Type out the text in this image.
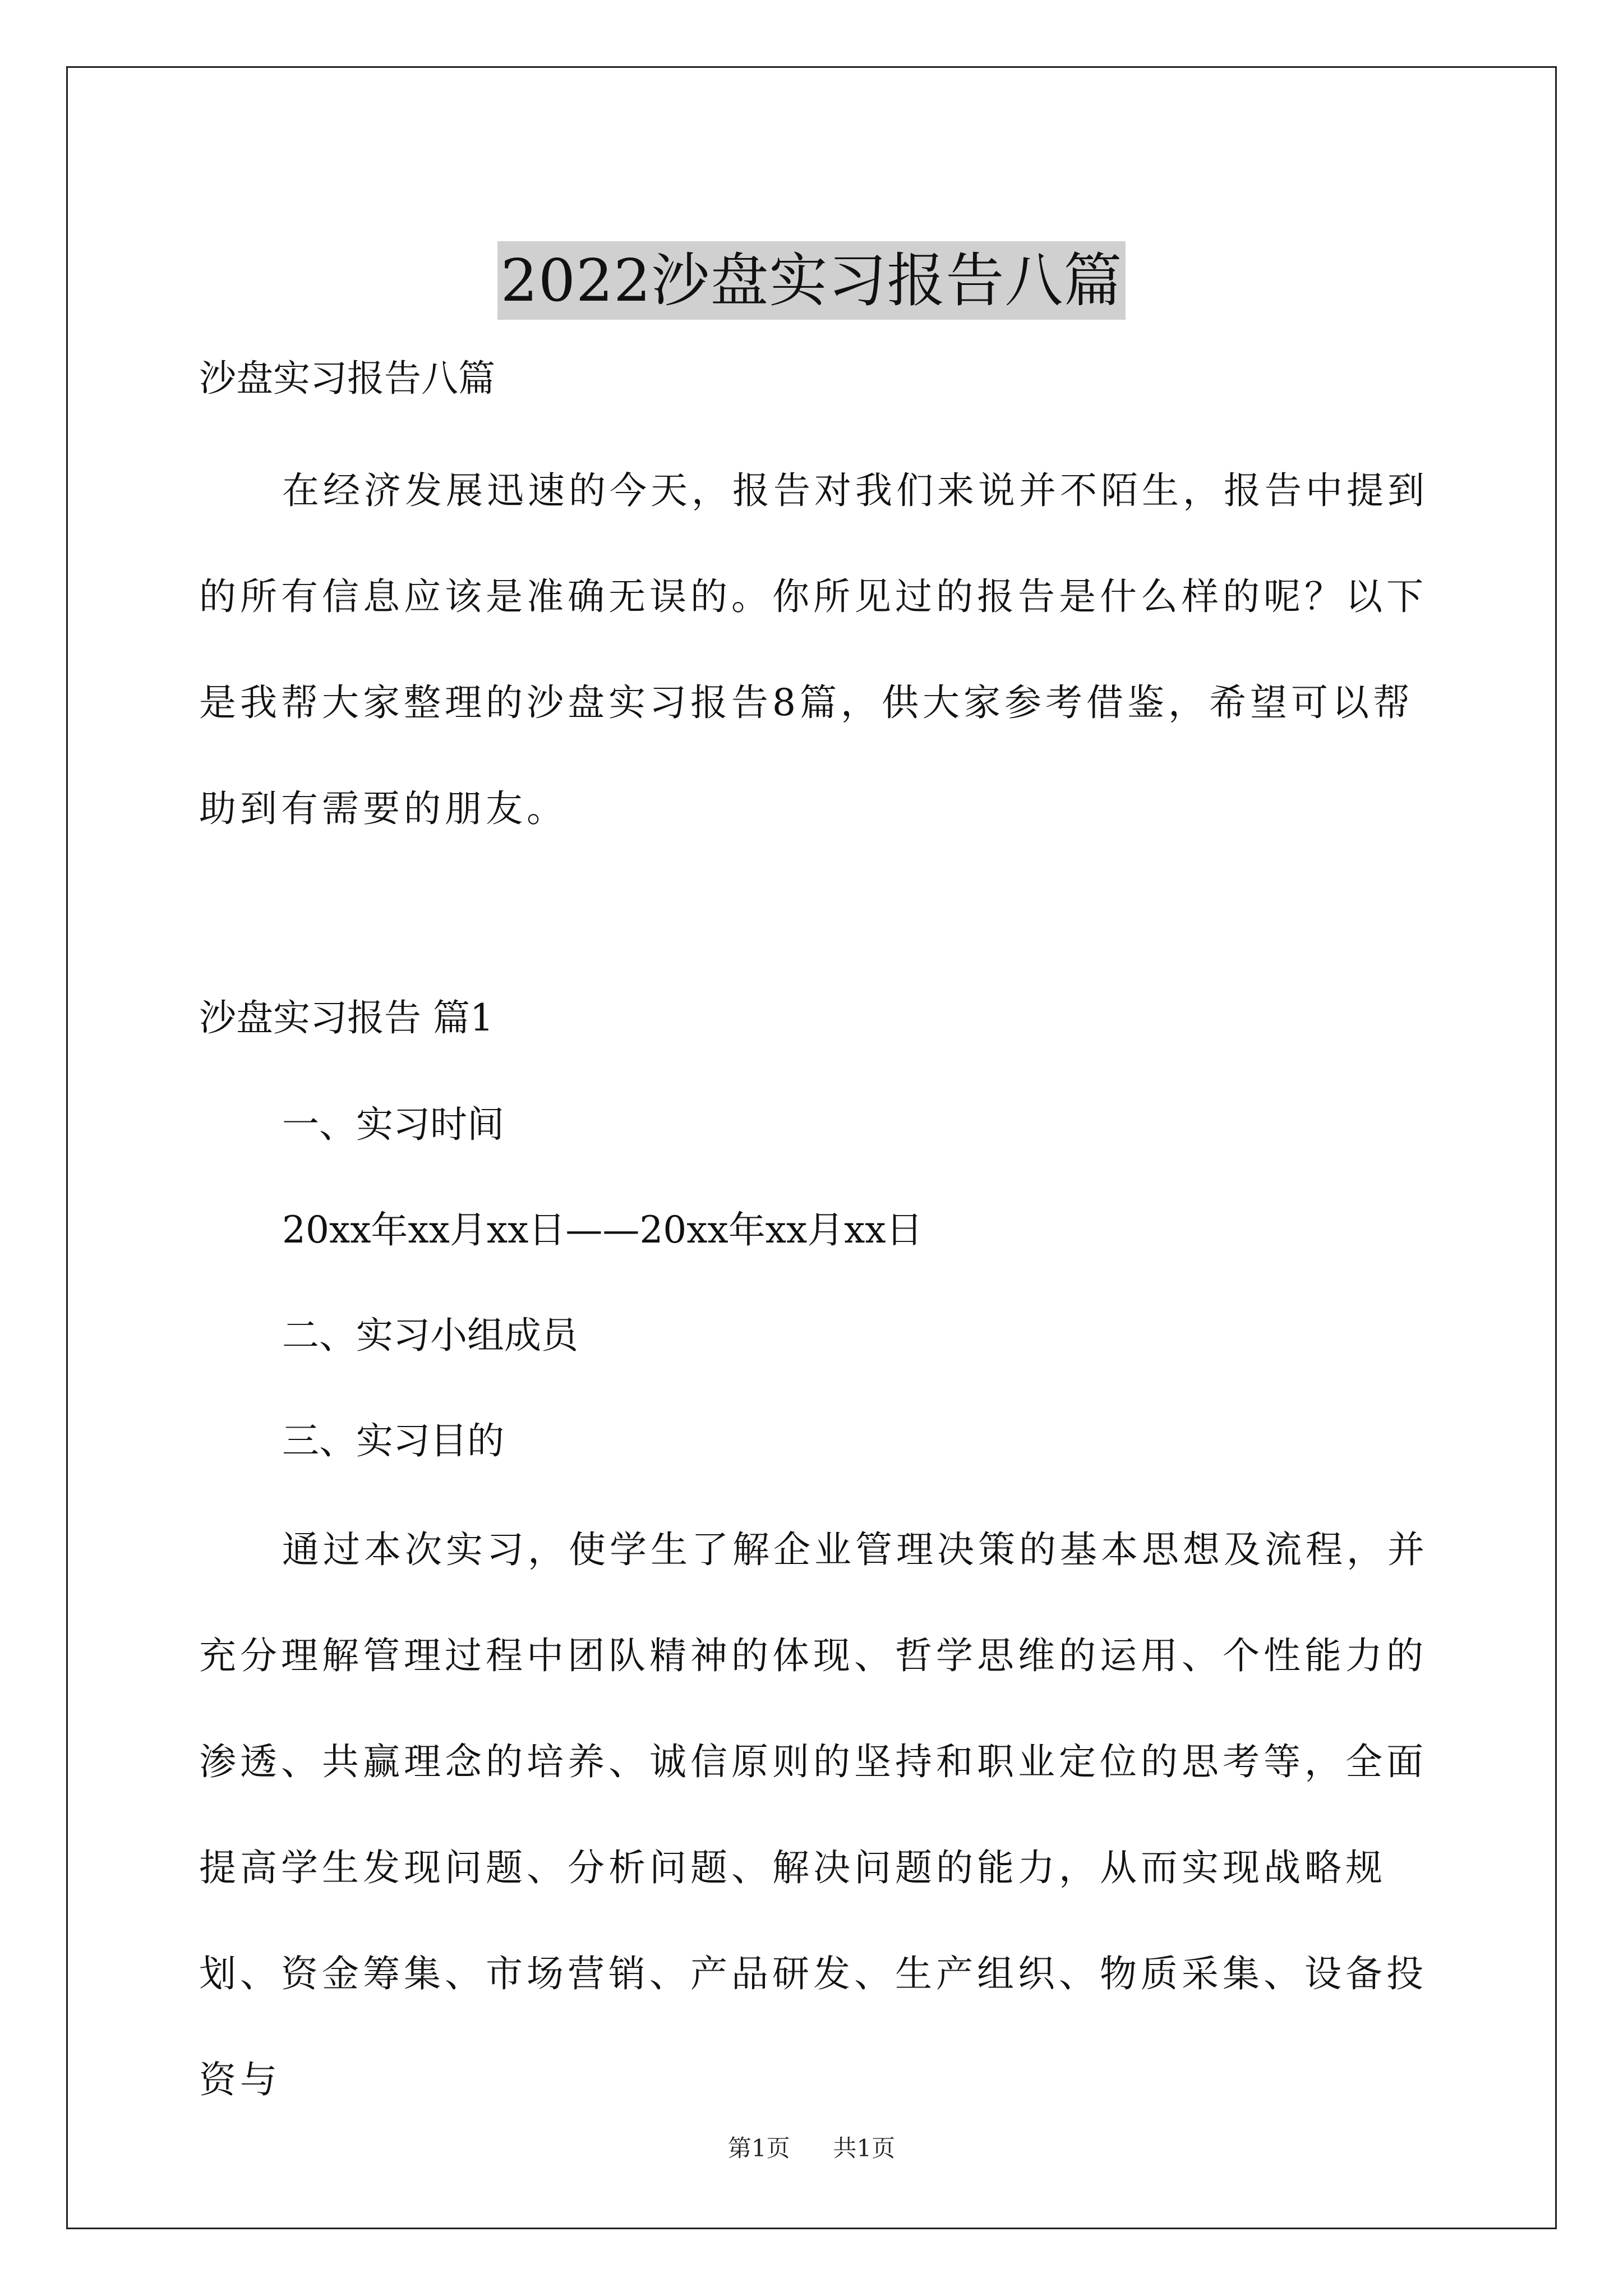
2022沙盘实习报告八篇
沙盘实习报告八篇

在经济发展迅速的今天，报告对我们来说并不陌生，报告中提到的所有信息应该是准确无误的。你所见过的报告是什么样的呢？以下是我帮大家整理的沙盘实习报告8篇，供大家参考借鉴，希望可以帮助到有需要的朋友。

沙盘实习报告 篇1
一、实习时间
20xx年xx月xx日——20xx年xx月xx日
二、实习小组成员
三、实习目的

通过本次实习，使学生了解企业管理决策的基本思想及流程，并充分理解管理过程中团队精神的体现、哲学思维的运用、个性能力的渗透、共赢理念的培养、诚信原则的坚持和职业定位的思考等，全面提高学生发现问题、分析问题、解决问题的能力，从而实现战略规划、资金筹集、市场营销、产品研发、生产组织、物质采集、设备投资与

第1页 共1页
